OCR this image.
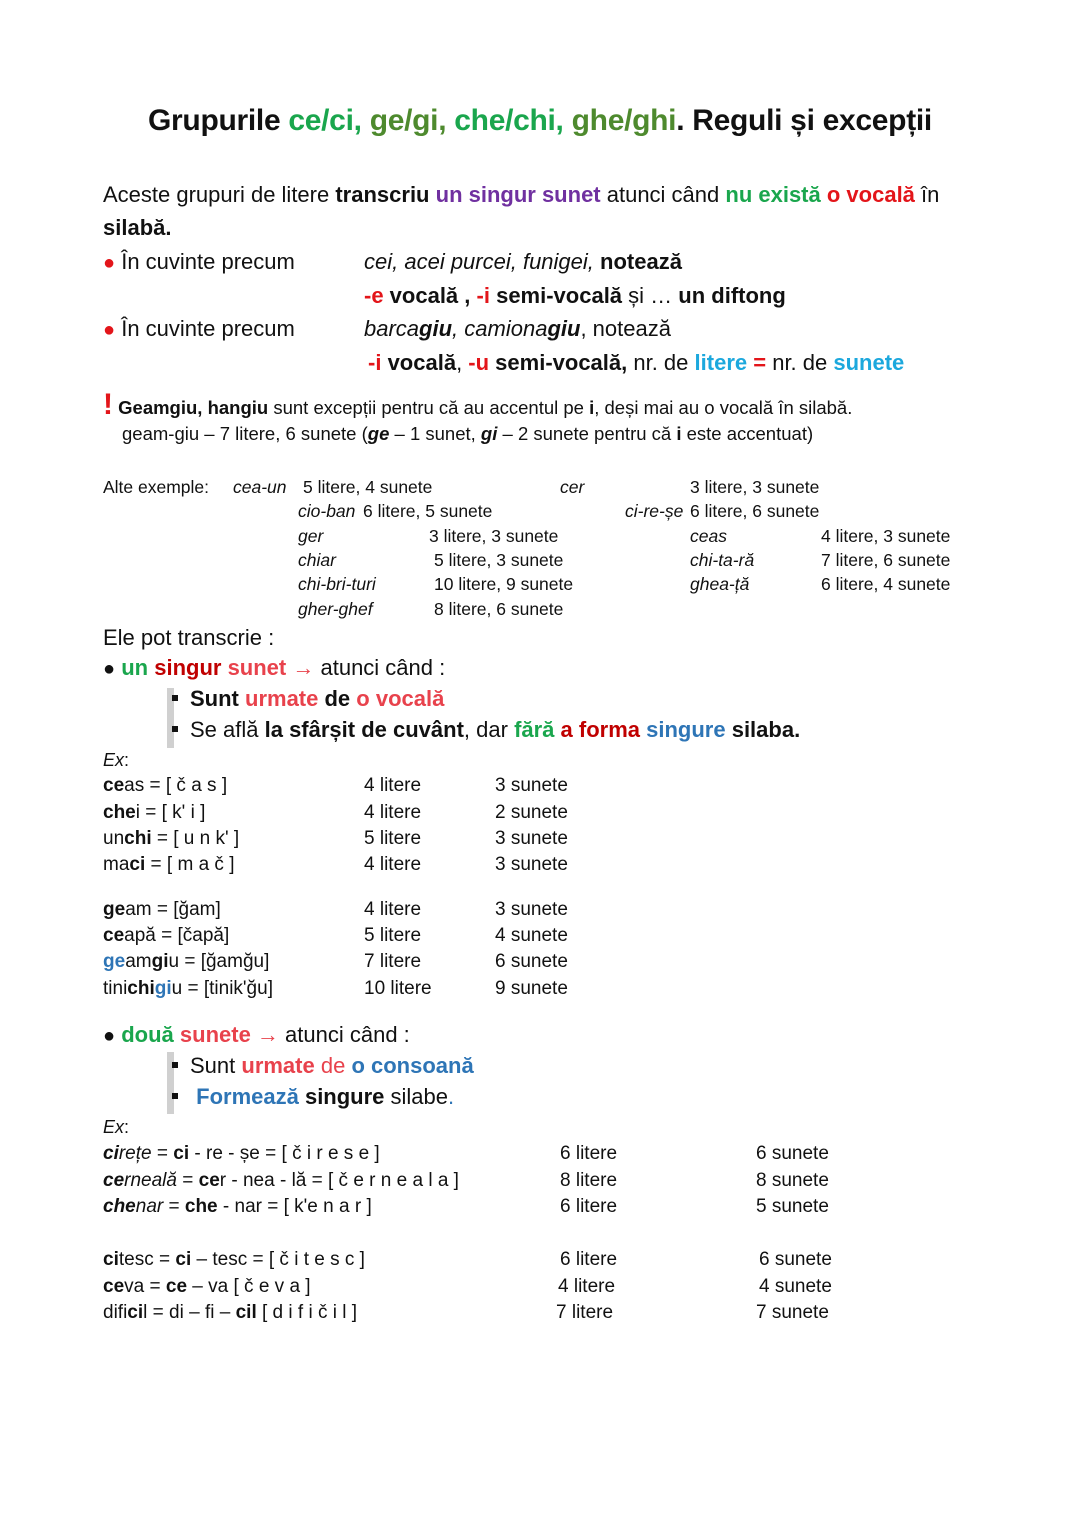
Grupurile ce/ci, ge/gi, che/chi, ghe/ghi. Reguli și excepții
Aceste grupuri de litere transcriu un singur sunet atunci când nu există o vocală în
silabă.
● În cuvinte precum	cei, acei purcei, funigei, notează
-e vocală , -i semi-vocală și … un diftong
● În cuvinte precum	barcagiu, camionagiu, notează
-i vocală, -u semi-vocală, nr. de litere = nr. de sunete
! Geamgiu, hangiu sunt excepții pentru că au accentul pe i, deși mai au o vocală în silabă.
geam-giu – 7 litere, 6 sunete (ge – 1 sunet, gi – 2 sunete pentru că i este accentuat)
Alte exemple: cea-un 5 litere, 4 sunete
cio-ban 6 litere, 5 sunete
ger	3 litere, 3 sunete
chiar	5 litere, 3 sunete
chi-bri-turi	10 litere, 9 sunete
gher-ghef	8 litere, 6 sunete
cer	3 litere, 3 sunete
ci-re-șe 6 litere, 6 sunete
ceas	4 litere, 3 sunete
chi-ta-ră	7 litere, 6 sunete
ghea-ță	6 litere, 4 sunete
Ele pot transcrie :
● un singur sunet → atunci când :
Sunt urmate de o vocală
Se află la sfârșit de cuvânt, dar fără a forma singure silaba.
Ex:
ceas = [ č a s ]	4 litere	3 sunete
chei = [ k' i ]	4 litere	2 sunete
unchi = [ u n k' ]	5 litere	3 sunete
maci = [ m a č ]	4 litere	3 sunete
geam = [ğam]	4 litere	3 sunete
ceapă = [čapă]	5 litere	4 sunete
geamgiu = [ğamğu]	7 litere	6 sunete
tinichigiu = [tinik'ğu]	10 litere	9 sunete
● două sunete → atunci când :
Sunt urmate de o consoană
Formează singure silabe.
Ex:
cirețe = ci - re - șe = [ č i r e s e ]	6 litere	6 sunete
cerneală = cer - nea - lă = [ č e r n e a l a ]	8 litere	8 sunete
chenar = che - nar = [ k'e n a r ]	6 litere	5 sunete
citesc = ci – tesc = [ č i t e s c ]	6 litere	6 sunete
ceva = ce – va [ č e v a ]	4 litere	4 sunete
dificil = di – fi – cil [ d i f i č i l ]	7 litere	7 sunete
